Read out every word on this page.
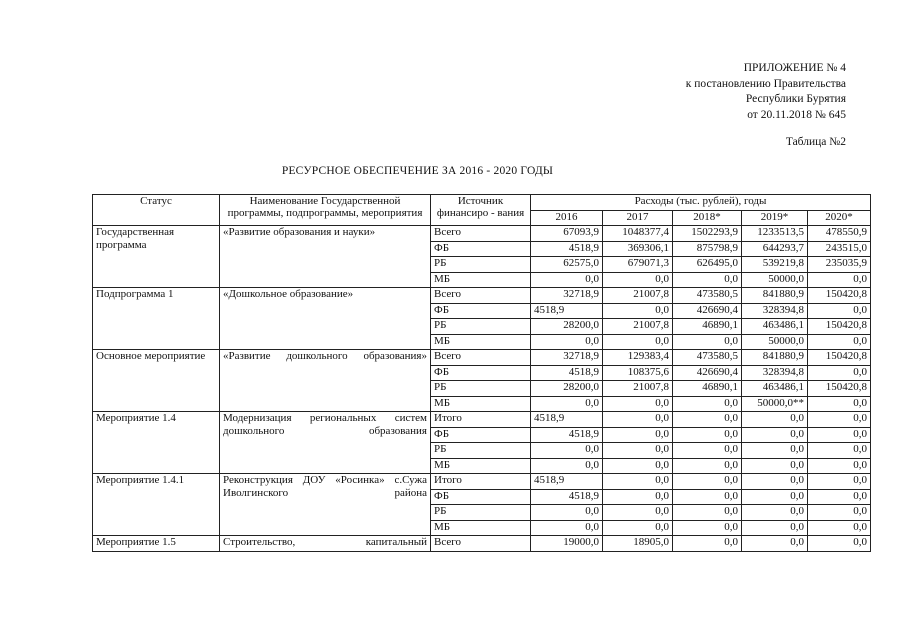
ПРИЛОЖЕНИЕ № 4
к постановлению Правительства
Республики Бурятия
от 20.11.2018 № 645
Таблица №2
РЕСУРСНОЕ ОБЕСПЕЧЕНИЕ ЗА 2016 - 2020 ГОДЫ
Статус	Наименование Государственной программы, подпрограммы, мероприятия	Источник финансиро - вания	Расходы (тыс. рублей), годы				
			2016	2017	2018*	2019*	2020*
Государственная программа	«Развитие образования и науки»	Всего	67093,9	1048377,4	1502293,9	1233513,5	478550,9
		ФБ	4518,9	369306,1	875798,9	644293,7	243515,0
		РБ	62575,0	679071,3	626495,0	539219,8	235035,9
		МБ	0,0	0,0	0,0	50000,0	0,0
Подпрограмма 1	«Дошкольное образование»	Всего	32718,9	21007,8	473580,5	841880,9	150420,8
		ФБ	4518,9	0,0	426690,4	328394,8	0,0
		РБ	28200,0	21007,8	46890,1	463486,1	150420,8
		МБ	0,0	0,0	0,0	50000,0	0,0
Основное мероприятие	«Развитие дошкольного образования»	Всего	32718,9	129383,4	473580,5	841880,9	150420,8
		ФБ	4518,9	108375,6	426690,4	328394,8	0,0
		РБ	28200,0	21007,8	46890,1	463486,1	150420,8
		МБ	0,0	0,0	0,0	50000,0**	0,0
Мероприятие 1.4	Модернизация региональных систем дошкольного образования	Итого	4518,9	0,0	0,0	0,0	0,0
		ФБ	4518,9	0,0	0,0	0,0	0,0
		РБ	0,0	0,0	0,0	0,0	0,0
		МБ	0,0	0,0	0,0	0,0	0,0
Мероприятие 1.4.1	Реконструкция ДОУ «Росинка» с.Сужа Иволгинского района	Итого	4518,9	0,0	0,0	0,0	0,0
		ФБ	4518,9	0,0	0,0	0,0	0,0
		РБ	0,0	0,0	0,0	0,0	0,0
		МБ	0,0	0,0	0,0	0,0	0,0
Мероприятие 1.5	Строительство, капитальный	Всего	19000,0	18905,0	0,0	0,0	0,0
